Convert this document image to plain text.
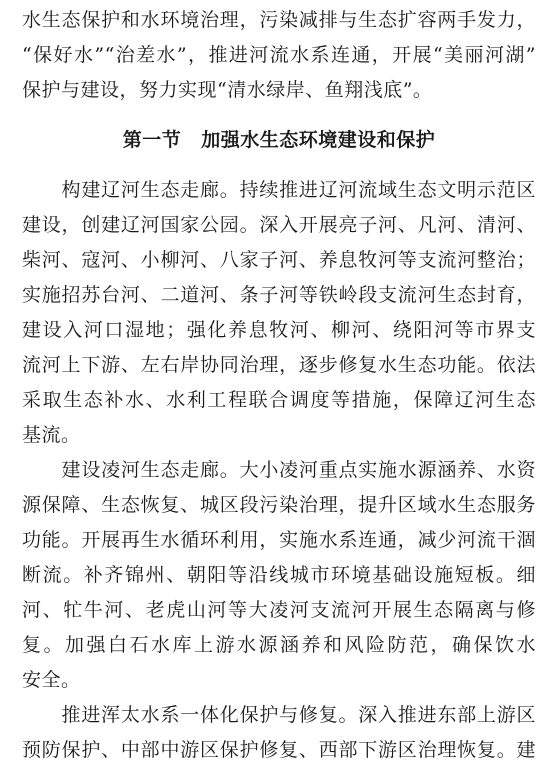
水生态保护和水环境治理，污染减排与生态扩容两手发力，
“保好水”“治差水”，推进河流水系连通，开展“美丽河湖”
保护与建设，努力实现“清水绿岸、鱼翔浅底”。
第一节 加强水生态环境建设和保护
　　构建辽河生态走廊。持续推进辽河流域生态文明示范区
建设，创建辽河国家公园。深入开展亮子河、凡河、清河、
柴河、寇河、小柳河、八家子河、养息牧河等支流河整治；
实施招苏台河、二道河、条子河等铁岭段支流河生态封育，
建设入河口湿地；强化养息牧河、柳河、绕阳河等市界支
流河上下游、左右岸协同治理，逐步修复水生态功能。依法
采取生态补水、水利工程联合调度等措施，保障辽河生态
基流。
　　建设凌河生态走廊。大小凌河重点实施水源涵养、水资
源保障、生态恢复、城区段污染治理，提升区域水生态服务
功能。开展再生水循环利用，实施水系连通，减少河流干涸
断流。补齐锦州、朝阳等沿线城市环境基础设施短板。细
河、牤牛河、老虎山河等大凌河支流河开展生态隔离与修
复。加强白石水库上游水源涵养和风险防范，确保饮水
安全。
　　推进浑太水系一体化保护与修复。深入推进东部上游区
预防保护、中部中游区保护修复、西部下游区治理恢复。建
